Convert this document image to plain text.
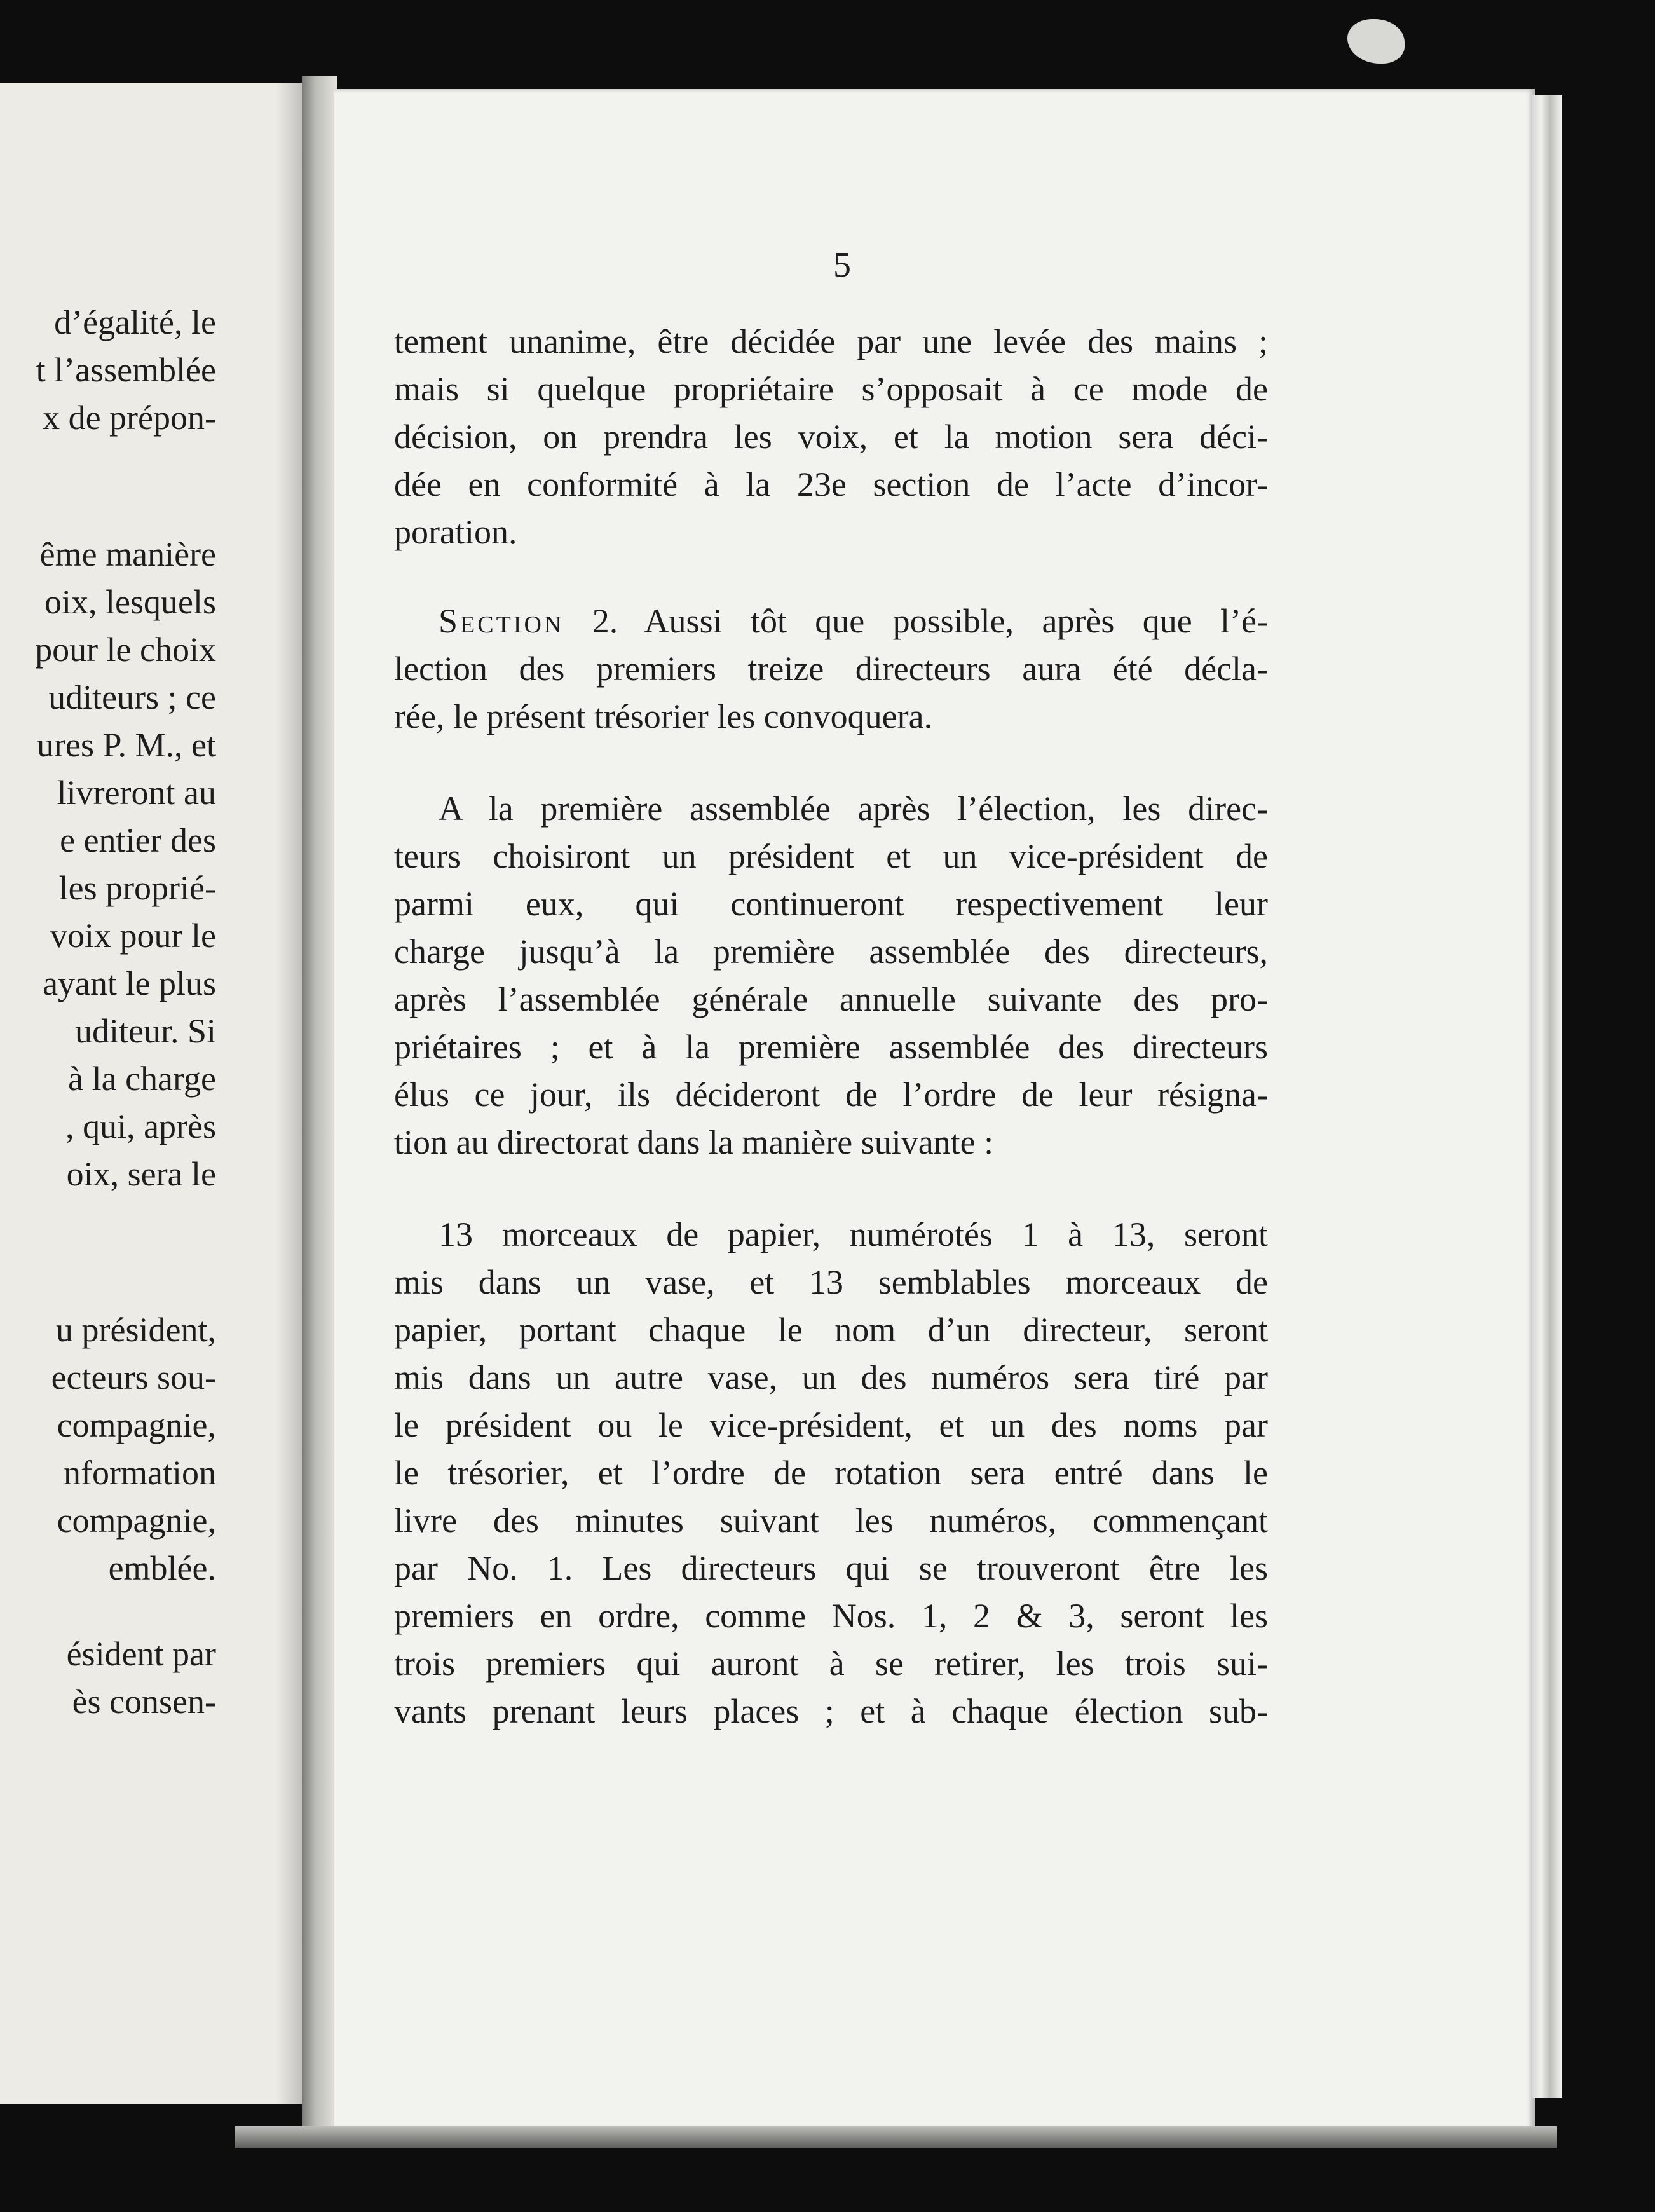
d’égalité, le

t l’assemblée

x de prépon-

ême manière

oix, lesquels

pour le choix

uditeurs ; ce

ures P. M., et

livreront au

e entier des

les proprié-

voix pour le

ayant le plus

uditeur. Si

à la charge

, qui, après

oix, sera le

u président,

ecteurs sou-

compagnie,

nformation

compagnie,

emblée.

ésident par

ès consen-

5

tement unanime, être décidée par une levée des mains ;

mais si quelque propriétaire s’opposait à ce mode de

décision, on prendra les voix, et la motion sera déci-

dée en conformité à la 23e section de l’acte d’incor-

poration.

Section 2. Aussi tôt que possible, après que l’é-

lection des premiers treize directeurs aura été décla-

rée, le présent trésorier les convoquera.

A la première assemblée après l’élection, les direc-

teurs choisiront un président et un vice-président de

parmi eux, qui continueront respectivement leur

charge jusqu’à la première assemblée des directeurs,

après l’assemblée générale annuelle suivante des pro-

priétaires ; et à la première assemblée des directeurs

élus ce jour, ils décideront de l’ordre de leur résigna-

tion au directorat dans la manière suivante :

13 morceaux de papier, numérotés 1 à 13, seront

mis dans un vase, et 13 semblables morceaux de

papier, portant chaque le nom d’un directeur, seront

mis dans un autre vase, un des numéros sera tiré par

le président ou le vice-président, et un des noms par

le trésorier, et l’ordre de rotation sera entré dans le

livre des minutes suivant les numéros, commençant

par No. 1. Les directeurs qui se trouveront être les

premiers en ordre, comme Nos. 1, 2 & 3, seront les

trois premiers qui auront à se retirer, les trois sui-

vants prenant leurs places ; et à chaque élection sub-
